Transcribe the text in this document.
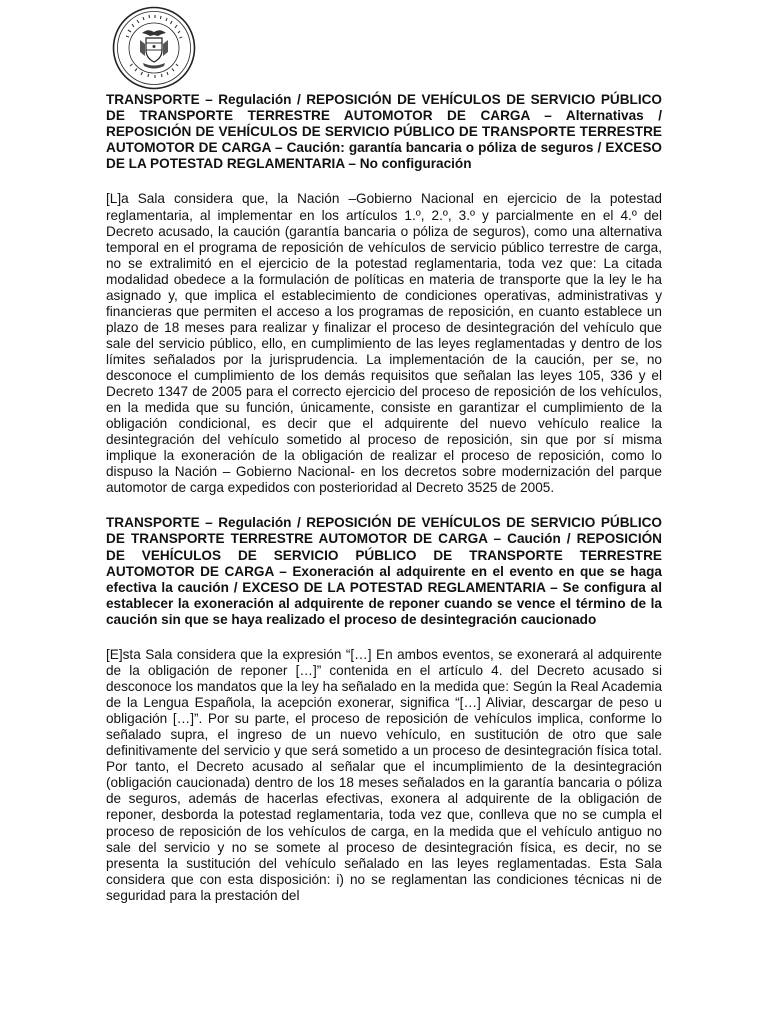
TRANSPORTE – Regulación / REPOSICIÓN DE VEHÍCULOS DE SERVICIO PÚBLICO DE TRANSPORTE TERRESTRE AUTOMOTOR DE CARGA – Alternativas / REPOSICIÓN DE VEHÍCULOS DE SERVICIO PÚBLICO DE TRANSPORTE TERRESTRE AUTOMOTOR DE CARGA – Caución: garantía bancaria o póliza de seguros / EXCESO DE LA POTESTAD REGLAMENTARIA – No configuración

[L]a Sala considera que, la Nación –Gobierno Nacional en ejercicio de la potestad reglamentaria, al implementar en los artículos 1.º, 2.º, 3.º y parcialmente en el 4.º del Decreto acusado, la caución (garantía bancaria o póliza de seguros), como una alternativa temporal en el programa de reposición de vehículos de servicio público terrestre de carga, no se extralimitó en el ejercicio de la potestad reglamentaria, toda vez que: La citada modalidad obedece a la formulación de políticas en materia de transporte que la ley le ha asignado y, que implica el establecimiento de condiciones operativas, administrativas y financieras que permiten el acceso a los programas de reposición, en cuanto establece un plazo de 18 meses para realizar y finalizar el proceso de desintegración del vehículo que sale del servicio público, ello, en cumplimiento de las leyes reglamentadas y dentro de los límites señalados por la jurisprudencia. La implementación de la caución, per se, no desconoce el cumplimiento de los demás requisitos que señalan las leyes 105, 336 y el Decreto 1347 de 2005 para el correcto ejercicio del proceso de reposición de los vehículos, en la medida que su función, únicamente, consiste en garantizar el cumplimiento de la obligación condicional, es decir que el adquirente del nuevo vehículo realice la desintegración del vehículo sometido al proceso de reposición, sin que por sí misma implique la exoneración de la obligación de realizar el proceso de reposición, como lo dispuso la Nación – Gobierno Nacional- en los decretos sobre modernización del parque automotor de carga expedidos con posterioridad al Decreto 3525 de 2005.

TRANSPORTE – Regulación / REPOSICIÓN DE VEHÍCULOS DE SERVICIO PÚBLICO DE TRANSPORTE TERRESTRE AUTOMOTOR DE CARGA – Caución / REPOSICIÓN DE VEHÍCULOS DE SERVICIO PÚBLICO DE TRANSPORTE TERRESTRE AUTOMOTOR DE CARGA – Exoneración al adquirente en el evento en que se haga efectiva la caución / EXCESO DE LA POTESTAD REGLAMENTARIA – Se configura al establecer la exoneración al adquirente de reponer cuando se vence el término de la caución sin que se haya realizado el proceso de desintegración caucionado

[E]sta Sala considera que la expresión “[…] En ambos eventos, se exonerará al adquirente de la obligación de reponer […]” contenida en el artículo 4. del Decreto acusado si desconoce los mandatos que la ley ha señalado en la medida que: Según la Real Academia de la Lengua Española, la acepción exonerar, significa “[…] Aliviar, descargar de peso u obligación […]”. Por su parte, el proceso de reposición de vehículos implica, conforme lo señalado supra, el ingreso de un nuevo vehículo, en sustitución de otro que sale definitivamente del servicio y que será sometido a un proceso de desintegración física total. Por tanto, el Decreto acusado al señalar que el incumplimiento de la desintegración (obligación caucionada) dentro de los 18 meses señalados en la garantía bancaria o póliza de seguros, además de hacerlas efectivas, exonera al adquirente de la obligación de reponer, desborda la potestad reglamentaria, toda vez que, conlleva que no se cumpla el proceso de reposición de los vehículos de carga, en la medida que el vehículo antiguo no sale del servicio y no se somete al proceso de desintegración física, es decir, no se presenta la sustitución del vehículo señalado en las leyes reglamentadas. Esta Sala considera que con esta disposición: i) no se reglamentan las condiciones técnicas ni de seguridad para la prestación del
